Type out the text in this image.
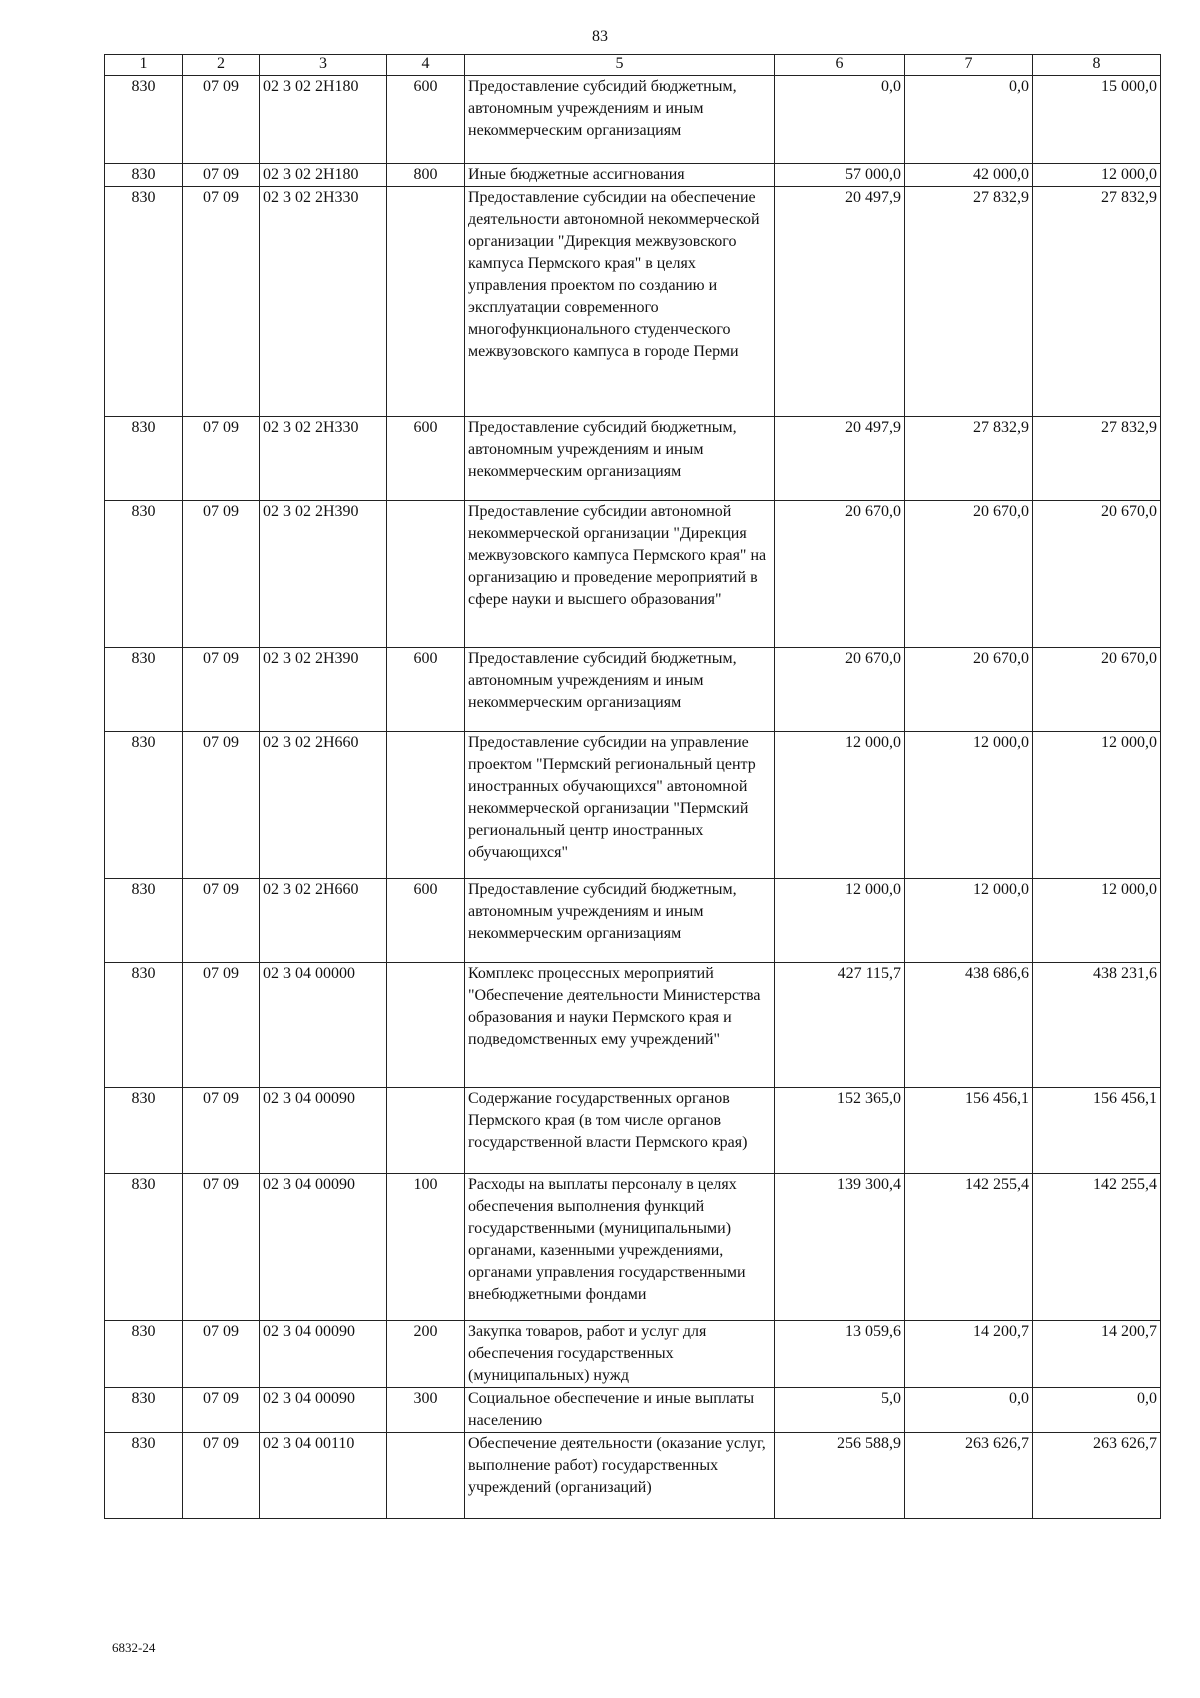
83
1	2	3	4	5	6	7	8
830	07 09	02 3 02 2Н180	600	Предоставление субсидий бюджетным, автономным учреждениям и иным некоммерческим организациям	0,0	0,0	15 000,0
830	07 09	02 3 02 2Н180	800	Иные бюджетные ассигнования	57 000,0	42 000,0	12 000,0
830	07 09	02 3 02 2Н330		Предоставление субсидии на обеспечение деятельности автономной некоммерческой организации "Дирекция межвузовского кампуса Пермского края" в целях управления проектом по созданию и эксплуатации современного многофункционального студенческого межвузовского кампуса в городе Перми	20 497,9	27 832,9	27 832,9
830	07 09	02 3 02 2Н330	600	Предоставление субсидий бюджетным, автономным учреждениям и иным некоммерческим организациям	20 497,9	27 832,9	27 832,9
830	07 09	02 3 02 2Н390		Предоставление субсидии автономной некоммерческой организации "Дирекция межвузовского кампуса Пермского края" на организацию и проведение мероприятий в сфере науки и высшего образования"	20 670,0	20 670,0	20 670,0
830	07 09	02 3 02 2Н390	600	Предоставление субсидий бюджетным, автономным учреждениям и иным некоммерческим организациям	20 670,0	20 670,0	20 670,0
830	07 09	02 3 02 2Н660		Предоставление субсидии на управление проектом "Пермский региональный центр иностранных обучающихся" автономной некоммерческой организации "Пермский региональный центр иностранных обучающихся"	12 000,0	12 000,0	12 000,0
830	07 09	02 3 02 2Н660	600	Предоставление субсидий бюджетным, автономным учреждениям и иным некоммерческим организациям	12 000,0	12 000,0	12 000,0
830	07 09	02 3 04 00000		Комплекс процессных мероприятий "Обеспечение деятельности Министерства образования и науки Пермского края и подведомственных ему учреждений"	427 115,7	438 686,6	438 231,6
830	07 09	02 3 04 00090		Содержание государственных органов Пермского края (в том числе органов государственной власти Пермского края)	152 365,0	156 456,1	156 456,1
830	07 09	02 3 04 00090	100	Расходы на выплаты персоналу в целях обеспечения выполнения функций государственными (муниципальными) органами, казенными учреждениями, органами управления государственными внебюджетными фондами	139 300,4	142 255,4	142 255,4
830	07 09	02 3 04 00090	200	Закупка товаров, работ и услуг для обеспечения государственных (муниципальных) нужд	13 059,6	14 200,7	14 200,7
830	07 09	02 3 04 00090	300	Социальное обеспечение и иные выплаты населению	5,0	0,0	0,0
830	07 09	02 3 04 00110		Обеспечение деятельности (оказание услуг, выполнение работ) государственных учреждений (организаций)	256 588,9	263 626,7	263 626,7
6832-24
